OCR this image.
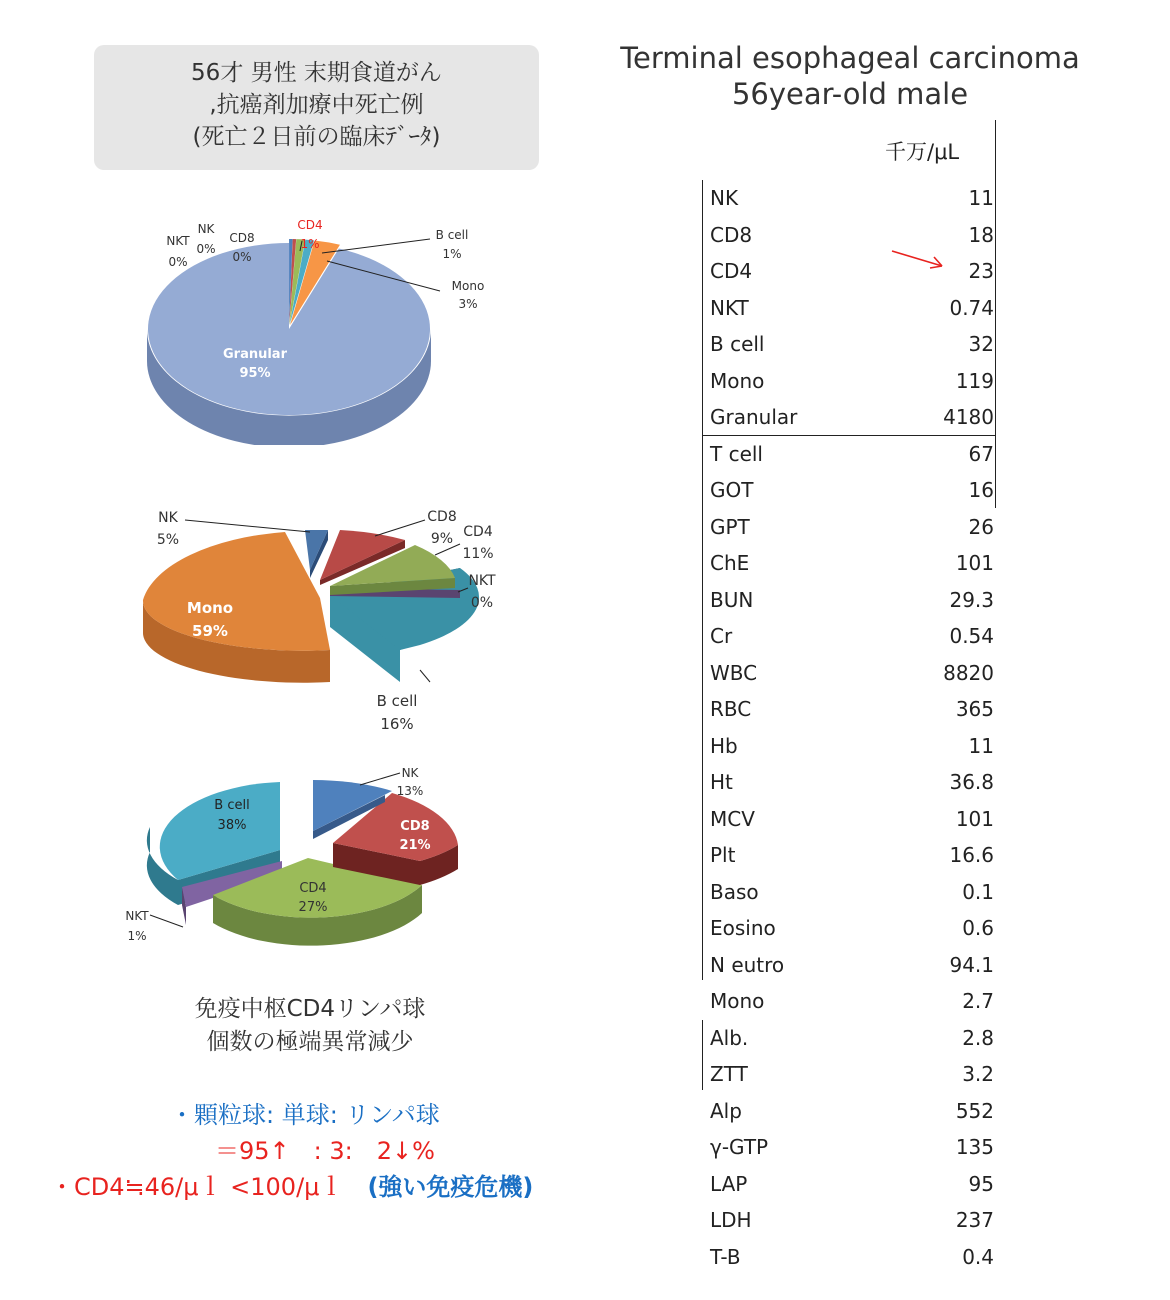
56才 男性 末期食道がん
,抗癌剤加療中死亡例
(死亡２日前の臨床ﾃﾞｰﾀ)
Terminal esophageal carcinoma
56year-old male
NKT
0%
NK
0%
CD8
0%
CD4
1%
B cell
1%
Mono
3%
Granular
95%
NK
5%
CD8
9% CD4
11%
NKT
0%
Mono
59%
B cell
16%
NK
13%
CD8
21%
CD4
27%
B cell
38%
NKT
1%
免疫中枢CD4リンパ球
個数の極端異常減少
・顆粒球: 単球: リンパ球
＝95↑　: 3:　2↓%
・CD4≒46/μｌ <100/μｌ　(強い免疫危機)
千万/μL
NK	11
CD8	18
CD4	23
NKT	0.74
B cell	32
Mono	119
Granular	4180
T cell	67
GOT	16
GPT	26
ChE	101
BUN	29.3
Cr	0.54
WBC	8820
RBC	365
Hb	11
Ht	36.8
MCV	101
Plt	16.6
Baso	0.1
Eosino	0.6
N eutro	94.1
Mono	2.7
Alb.	2.8
ZTT	3.2
Alp	552
γ-GTP	135
LAP	95
LDH	237
T-B	0.4
